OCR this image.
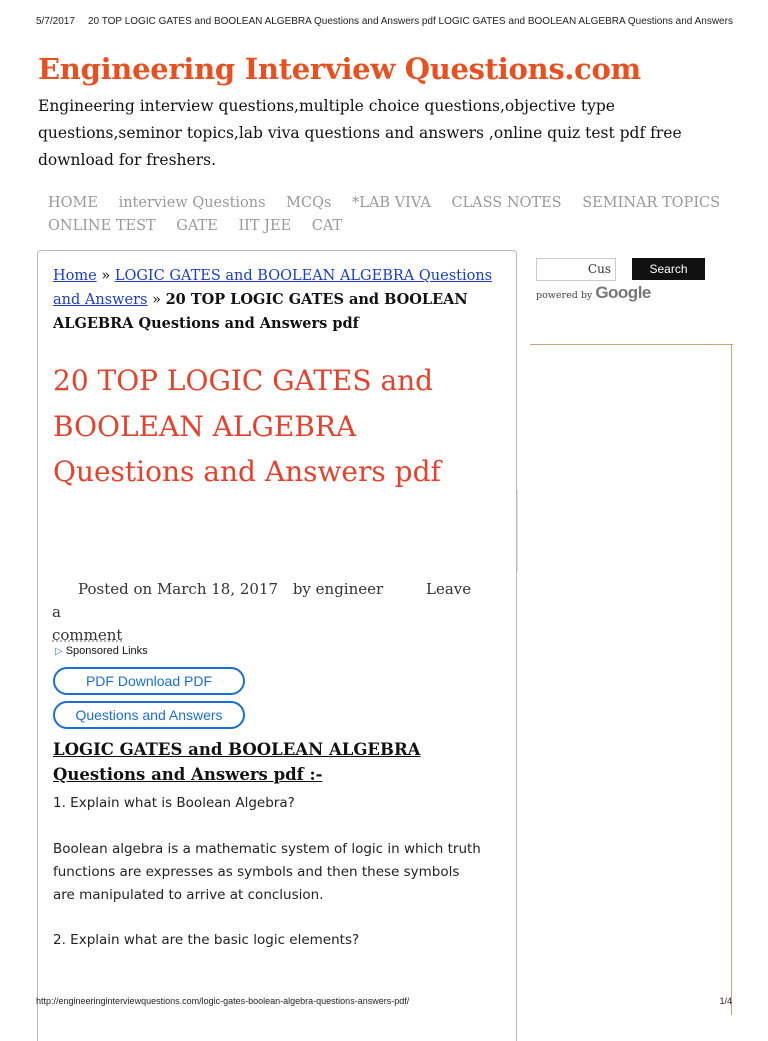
5/7/2017 20 TOP LOGIC GATES and BOOLEAN ALGEBRA Questions and Answers pdf LOGIC GATES and BOOLEAN ALGEBRA Questions and Answers
Engineering Interview Questions.com
Engineering interview questions,multiple choice questions,objective type questions,seminor topics,lab viva questions and answers ,online quiz test pdf free download for freshers.
HOME interview Questions MCQs *LAB VIVA CLASS NOTES SEMINAR TOPICS ONLINE TEST GATE IIT JEE CAT
Home » LOGIC GATES and BOOLEAN ALGEBRA Questions and Answers » 20 TOP LOGIC GATES and BOOLEAN ALGEBRA Questions and Answers pdf
20 TOP LOGIC GATES and BOOLEAN ALGEBRA Questions and Answers pdf
Posted on March 18, 2017 by engineer	Leave a
comment
▷ Sponsored Links
PDF Download PDF
Questions and Answers
LOGIC GATES and BOOLEAN ALGEBRA Questions and Answers pdf :-
1. Explain what is Boolean Algebra?
Boolean algebra is a mathematic system of logic in which truth functions are expresses as symbols and then these symbols are manipulated to arrive at conclusion.
2. Explain what are the basic logic elements?
Cus	Search
powered by Google
http://engineeringinterviewquestions.com/logic-gates-boolean-algebra-questions-answers-pdf/	1/4
